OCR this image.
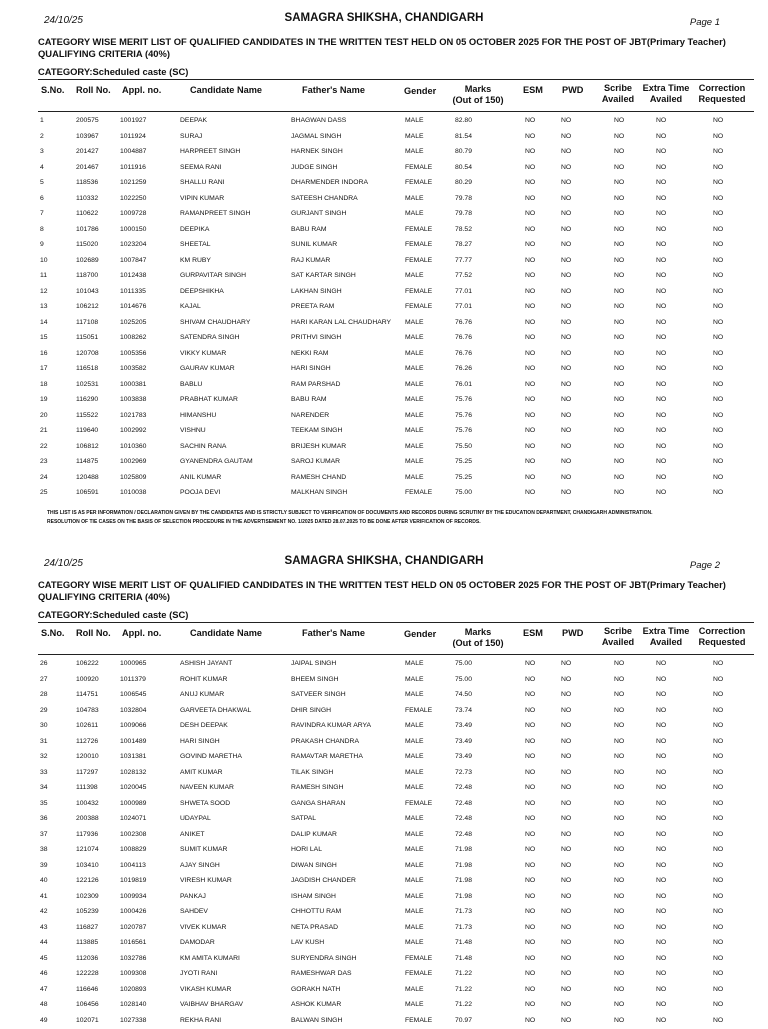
24/10/25	SAMAGRA SHIKSHA, CHANDIGARH	Page 1
CATEGORY WISE MERIT LIST OF QUALIFIED CANDIDATES IN THE WRITTEN TEST HELD ON 05 OCTOBER 2025 FOR THE POST OF JBT(Primary Teacher)
QUALIFYING CRITERIA (40%)
CATEGORY:Scheduled caste (SC)
S.No. Roll No. Appl. no.	Candidate Name	Father's Name	Gender	Marks
(Out of 150)
ESM PWD	Scribe
Availed
Extra Time
Availed
Correction
Requested
1	200575	1001927	DEEPAK	BHAGWAN DASS	MALE	82.80	NO	NO	NO	NO	NO
2	103967	1011924	SURAJ	JAGMAL SINGH	MALE	81.54	NO	NO	NO	NO	NO
3	201427	1004887	HARPREET SINGH	HARNEK SINGH	MALE	80.79	NO	NO	NO	NO	NO
4	201467	1011916	SEEMA RANI	JUDGE SINGH	FEMALE	80.54	NO	NO	NO	NO	NO
5	118536	1021259	SHALLU RANI	DHARMENDER INDORA	FEMALE	80.29	NO	NO	NO	NO	NO
6	110332	1022250	VIPIN KUMAR	SATEESH CHANDRA	MALE	79.78	NO	NO	NO	NO	NO
7	110622	1009728	RAMANPREET SINGH	GURJANT SINGH	MALE	79.78	NO	NO	NO	NO	NO
8	101786	1000150	DEEPIKA	BABU RAM	FEMALE	78.52	NO	NO	NO	NO	NO
9	115020	1023204	SHEETAL	SUNIL KUMAR	FEMALE	78.27	NO	NO	NO	NO	NO
10	102689	1007847	KM RUBY	RAJ KUMAR	FEMALE	77.77	NO	NO	NO	NO	NO
11	118700	1012438	GURPAVITAR SINGH	SAT KARTAR SINGH	MALE	77.52	NO	NO	NO	NO	NO
12	101043	1011335	DEEPSHIKHA	LAKHAN SINGH	FEMALE	77.01	NO	NO	NO	NO	NO
13	106212	1014676	KAJAL	PREETA RAM	FEMALE	77.01	NO	NO	NO	NO	NO
14	117108	1025205	SHIVAM CHAUDHARY	HARI KARAN LAL CHAUDHARY MALE	76.76	NO	NO	NO	NO	NO
15	115051	1008262	SATENDRA SINGH	PRITHVI SINGH	MALE	76.76	NO	NO	NO	NO	NO
16	120708	1005356	VIKKY KUMAR	NEKKI RAM	MALE	76.76	NO	NO	NO	NO	NO
17	116518	1003582	GAURAV KUMAR	HARI SINGH	MALE	76.26	NO	NO	NO	NO	NO
18	102531	1000381	BABLU	RAM PARSHAD	MALE	76.01	NO	NO	NO	NO	NO
19	116290	1003838	PRABHAT KUMAR	BABU RAM	MALE	75.76	NO	NO	NO	NO	NO
20	115522	1021783	HIMANSHU	NARENDER	MALE	75.76	NO	NO	NO	NO	NO
21	119640	1002992	VISHNU	TEEKAM SINGH	MALE	75.76	NO	NO	NO	NO	NO
22	106812	1010360	SACHIN RANA	BRIJESH KUMAR	MALE	75.50	NO	NO	NO	NO	NO
23	114875	1002969	GYANENDRA GAUTAM	SAROJ KUMAR	MALE	75.25	NO	NO	NO	NO	NO
24	120488	1025809	ANIL KUMAR	RAMESH CHAND	MALE	75.25	NO	NO	NO	NO	NO
25	106591	1010038	POOJA DEVI	MALKHAN SINGH	FEMALE	75.00	NO	NO	NO	NO	NO
THIS LIST IS AS PER INFORMATION / DECLARATION GIVEN BY THE CANDIDATES AND IS STRICTLY SUBJECT TO VERIFICATION OF DOCUMENTS AND RECORDS DURING SCRUTINY BY THE EDUCATION DEPARTMENT, CHANDIGARH ADMINISTRATION.
RESOLUTION OF TIE CASES ON THE BASIS OF SELECTION PROCEDURE IN THE ADVERTISEMENT NO. 1/2025 DATED 28.07.2025 TO BE DONE AFTER VERIFICATION OF RECORDS.
24/10/25	SAMAGRA SHIKSHA, CHANDIGARH	Page 2
CATEGORY WISE MERIT LIST OF QUALIFIED CANDIDATES IN THE WRITTEN TEST HELD ON 05 OCTOBER 2025 FOR THE POST OF JBT(Primary Teacher)
QUALIFYING CRITERIA (40%)
CATEGORY:Scheduled caste (SC)
S.No. Roll No. Appl. no.	Candidate Name	Father's Name	Gender	Marks
(Out of 150)
ESM PWD	Scribe
Availed
Extra Time
Availed
Correction
Requested
26	106222	1000965	ASHISH JAYANT	JAIPAL SINGH	MALE	75.00	NO	NO	NO	NO	NO
27	100920	1011379	ROHIT KUMAR	BHEEM SINGH	MALE	75.00	NO	NO	NO	NO	NO
28	114751	1006545	ANUJ KUMAR	SATVEER SINGH	MALE	74.50	NO	NO	NO	NO	NO
29	104783	1032804	GARVEETA DHAKWAL	DHIR SINGH	FEMALE	73.74	NO	NO	NO	NO	NO
30	102611	1009066	DESH DEEPAK	RAVINDRA KUMAR ARYA	MALE	73.49	NO	NO	NO	NO	NO
31	112726	1001489	HARI SINGH	PRAKASH CHANDRA	MALE	73.49	NO	NO	NO	NO	NO
32	120010	1031381	GOVIND MARETHA	RAMAVTAR MARETHA	MALE	73.49	NO	NO	NO	NO	NO
33	117297	1028132	AMIT KUMAR	TILAK SINGH	MALE	72.73	NO	NO	NO	NO	NO
34	111398	1020045	NAVEEN KUMAR	RAMESH SINGH	MALE	72.48	NO	NO	NO	NO	NO
35	100432	1000989	SHWETA SOOD	GANGA SHARAN	FEMALE	72.48	NO	NO	NO	NO	NO
36	200388	1024071	UDAYPAL	SATPAL	MALE	72.48	NO	NO	NO	NO	NO
37	117936	1002308	ANIKET	DALIP KUMAR	MALE	72.48	NO	NO	NO	NO	NO
38	121074	1008829	SUMIT KUMAR	HORI LAL	MALE	71.98	NO	NO	NO	NO	NO
39	103410	1004113	AJAY SINGH	DIWAN SINGH	MALE	71.98	NO	NO	NO	NO	NO
40	122126	1019819	VIRESH KUMAR	JAGDISH CHANDER	MALE	71.98	NO	NO	NO	NO	NO
41	102309	1009934	PANKAJ	ISHAM SINGH	MALE	71.98	NO	NO	NO	NO	NO
42	105239	1000426	SAHDEV	CHHOTTU RAM	MALE	71.73	NO	NO	NO	NO	NO
43	116827	1020787	VIVEK KUMAR	NETA PRASAD	MALE	71.73	NO	NO	NO	NO	NO
44	113885	1016561	DAMODAR	LAV KUSH	MALE	71.48	NO	NO	NO	NO	NO
45	112036	1032786	KM AMITA KUMARI	SURYENDRA SINGH	FEMALE	71.48	NO	NO	NO	NO	NO
46	122228	1009308	JYOTI RANI	RAMESHWAR DAS	FEMALE	71.22	NO	NO	NO	NO	NO
47	116646	1020893	VIKASH KUMAR	GORAKH NATH	MALE	71.22	NO	NO	NO	NO	NO
48	106456	1028140	VAIBHAV BHARGAV	ASHOK KUMAR	MALE	71.22	NO	NO	NO	NO	NO
49	102071	1027338	REKHA RANI	BALWAN SINGH	FEMALE	70.97	NO	NO	NO	NO	NO
